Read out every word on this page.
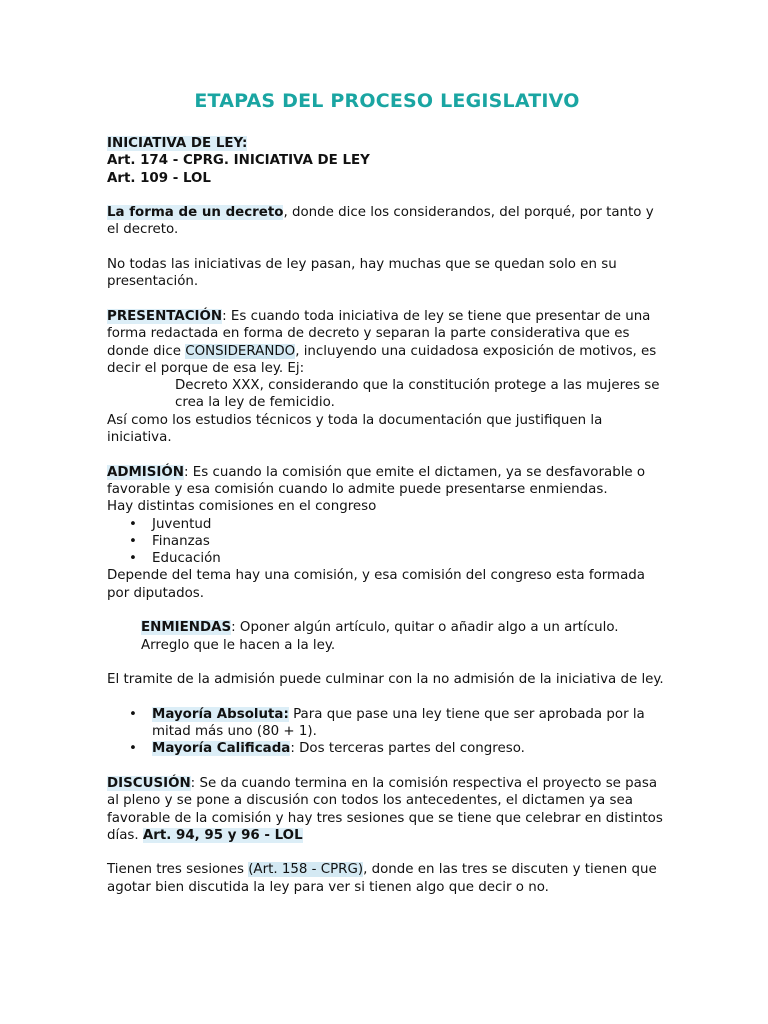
ETAPAS DEL PROCESO LEGISLATIVO

INICIATIVA DE LEY:

Art. 174 - CPRG. INICIATIVA DE LEY

Art. 109 - LOL

La forma de un decreto, donde dice los considerandos, del porqué, por tanto y el decreto.

No todas las iniciativas de ley pasan, hay muchas que se quedan solo en su presentación.

PRESENTACIÓN: Es cuando toda iniciativa de ley se tiene que presentar de una forma redactada en forma de decreto y separan la parte considerativa que es donde dice CONSIDERANDO, incluyendo una cuidadosa exposición de motivos, es decir el porque de esa ley. Ej:

Decreto XXX, considerando que la constitución protege a las mujeres se crea la ley de femicidio.

Así como los estudios técnicos y toda la documentación que justifiquen la iniciativa.

ADMISIÓN: Es cuando la comisión que emite el dictamen, ya se desfavorable o favorable y esa comisión cuando lo admite puede presentarse enmiendas.

Hay distintas comisiones en el congreso

• Juventud
• Finanzas
• Educación

Depende del tema hay una comisión, y esa comisión del congreso esta formada por diputados.

ENMIENDAS: Oponer algún artículo, quitar o añadir algo a un artículo. Arreglo que le hacen a la ley.

El tramite de la admisión puede culminar con la no admisión de la iniciativa de ley.

• Mayoría Absoluta: Para que pase una ley tiene que ser aprobada por la mitad más uno (80 + 1).
• Mayoría Calificada: Dos terceras partes del congreso.

DISCUSIÓN: Se da cuando termina en la comisión respectiva el proyecto se pasa al pleno y se pone a discusión con todos los antecedentes, el dictamen ya sea favorable de la comisión y hay tres sesiones que se tiene que celebrar en distintos días. Art. 94, 95 y 96 - LOL

Tienen tres sesiones (Art. 158 - CPRG), donde en las tres se discuten y tienen que agotar bien discutida la ley para ver si tienen algo que decir o no.
